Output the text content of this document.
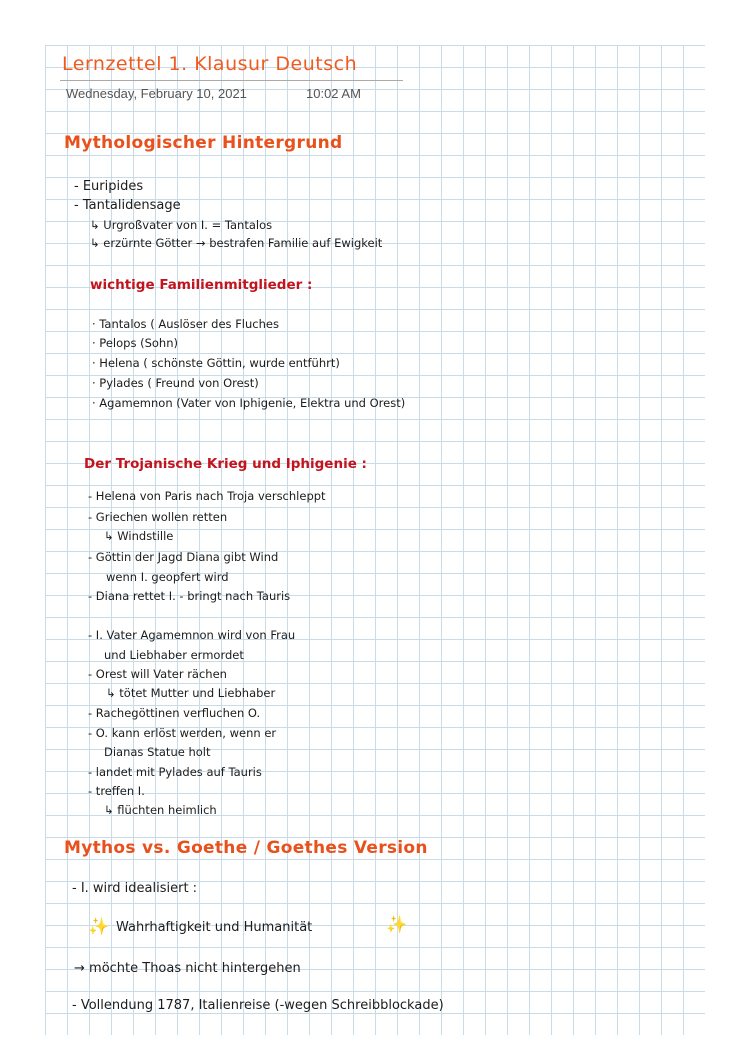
Lernzettel 1. Klausur Deutsch
Wednesday, February 10, 2021	10:02 AM
Mythologischer Hintergrund
- Euripides
- Tantalidensage
↳ Urgroßvater von I. = Tantalos
↳ erzürnte Götter → bestrafen Familie auf Ewigkeit
wichtige Familienmitglieder :
· Tantalos ( Auslöser des Fluches
· Pelops (Sohn)
· Helena ( schönste Göttin, wurde entführt)
· Pylades ( Freund von Orest)
· Agamemnon (Vater von Iphigenie, Elektra und Orest)
Der Trojanische Krieg und Iphigenie :
- Helena von Paris nach Troja verschleppt
- Griechen wollen retten
↳ Windstille
- Göttin der Jagd Diana gibt Wind
wenn I. geopfert wird
- Diana rettet I. - bringt nach Tauris
- I. Vater Agamemnon wird von Frau
und Liebhaber ermordet
- Orest will Vater rächen
↳ tötet Mutter und Liebhaber
- Rachegöttinen verfluchen O.
- O. kann erlöst werden, wenn er
Dianas Statue holt
- landet mit Pylades auf Tauris
- treffen I.
↳ flüchten heimlich
Mythos vs. Goethe / Goethes Version
- I. wird idealisiert :
✨ Wahrhaftigkeit und Humanität	✨
→ möchte Thoas nicht hintergehen
- Vollendung 1787, Italienreise (-wegen Schreibblockade)
